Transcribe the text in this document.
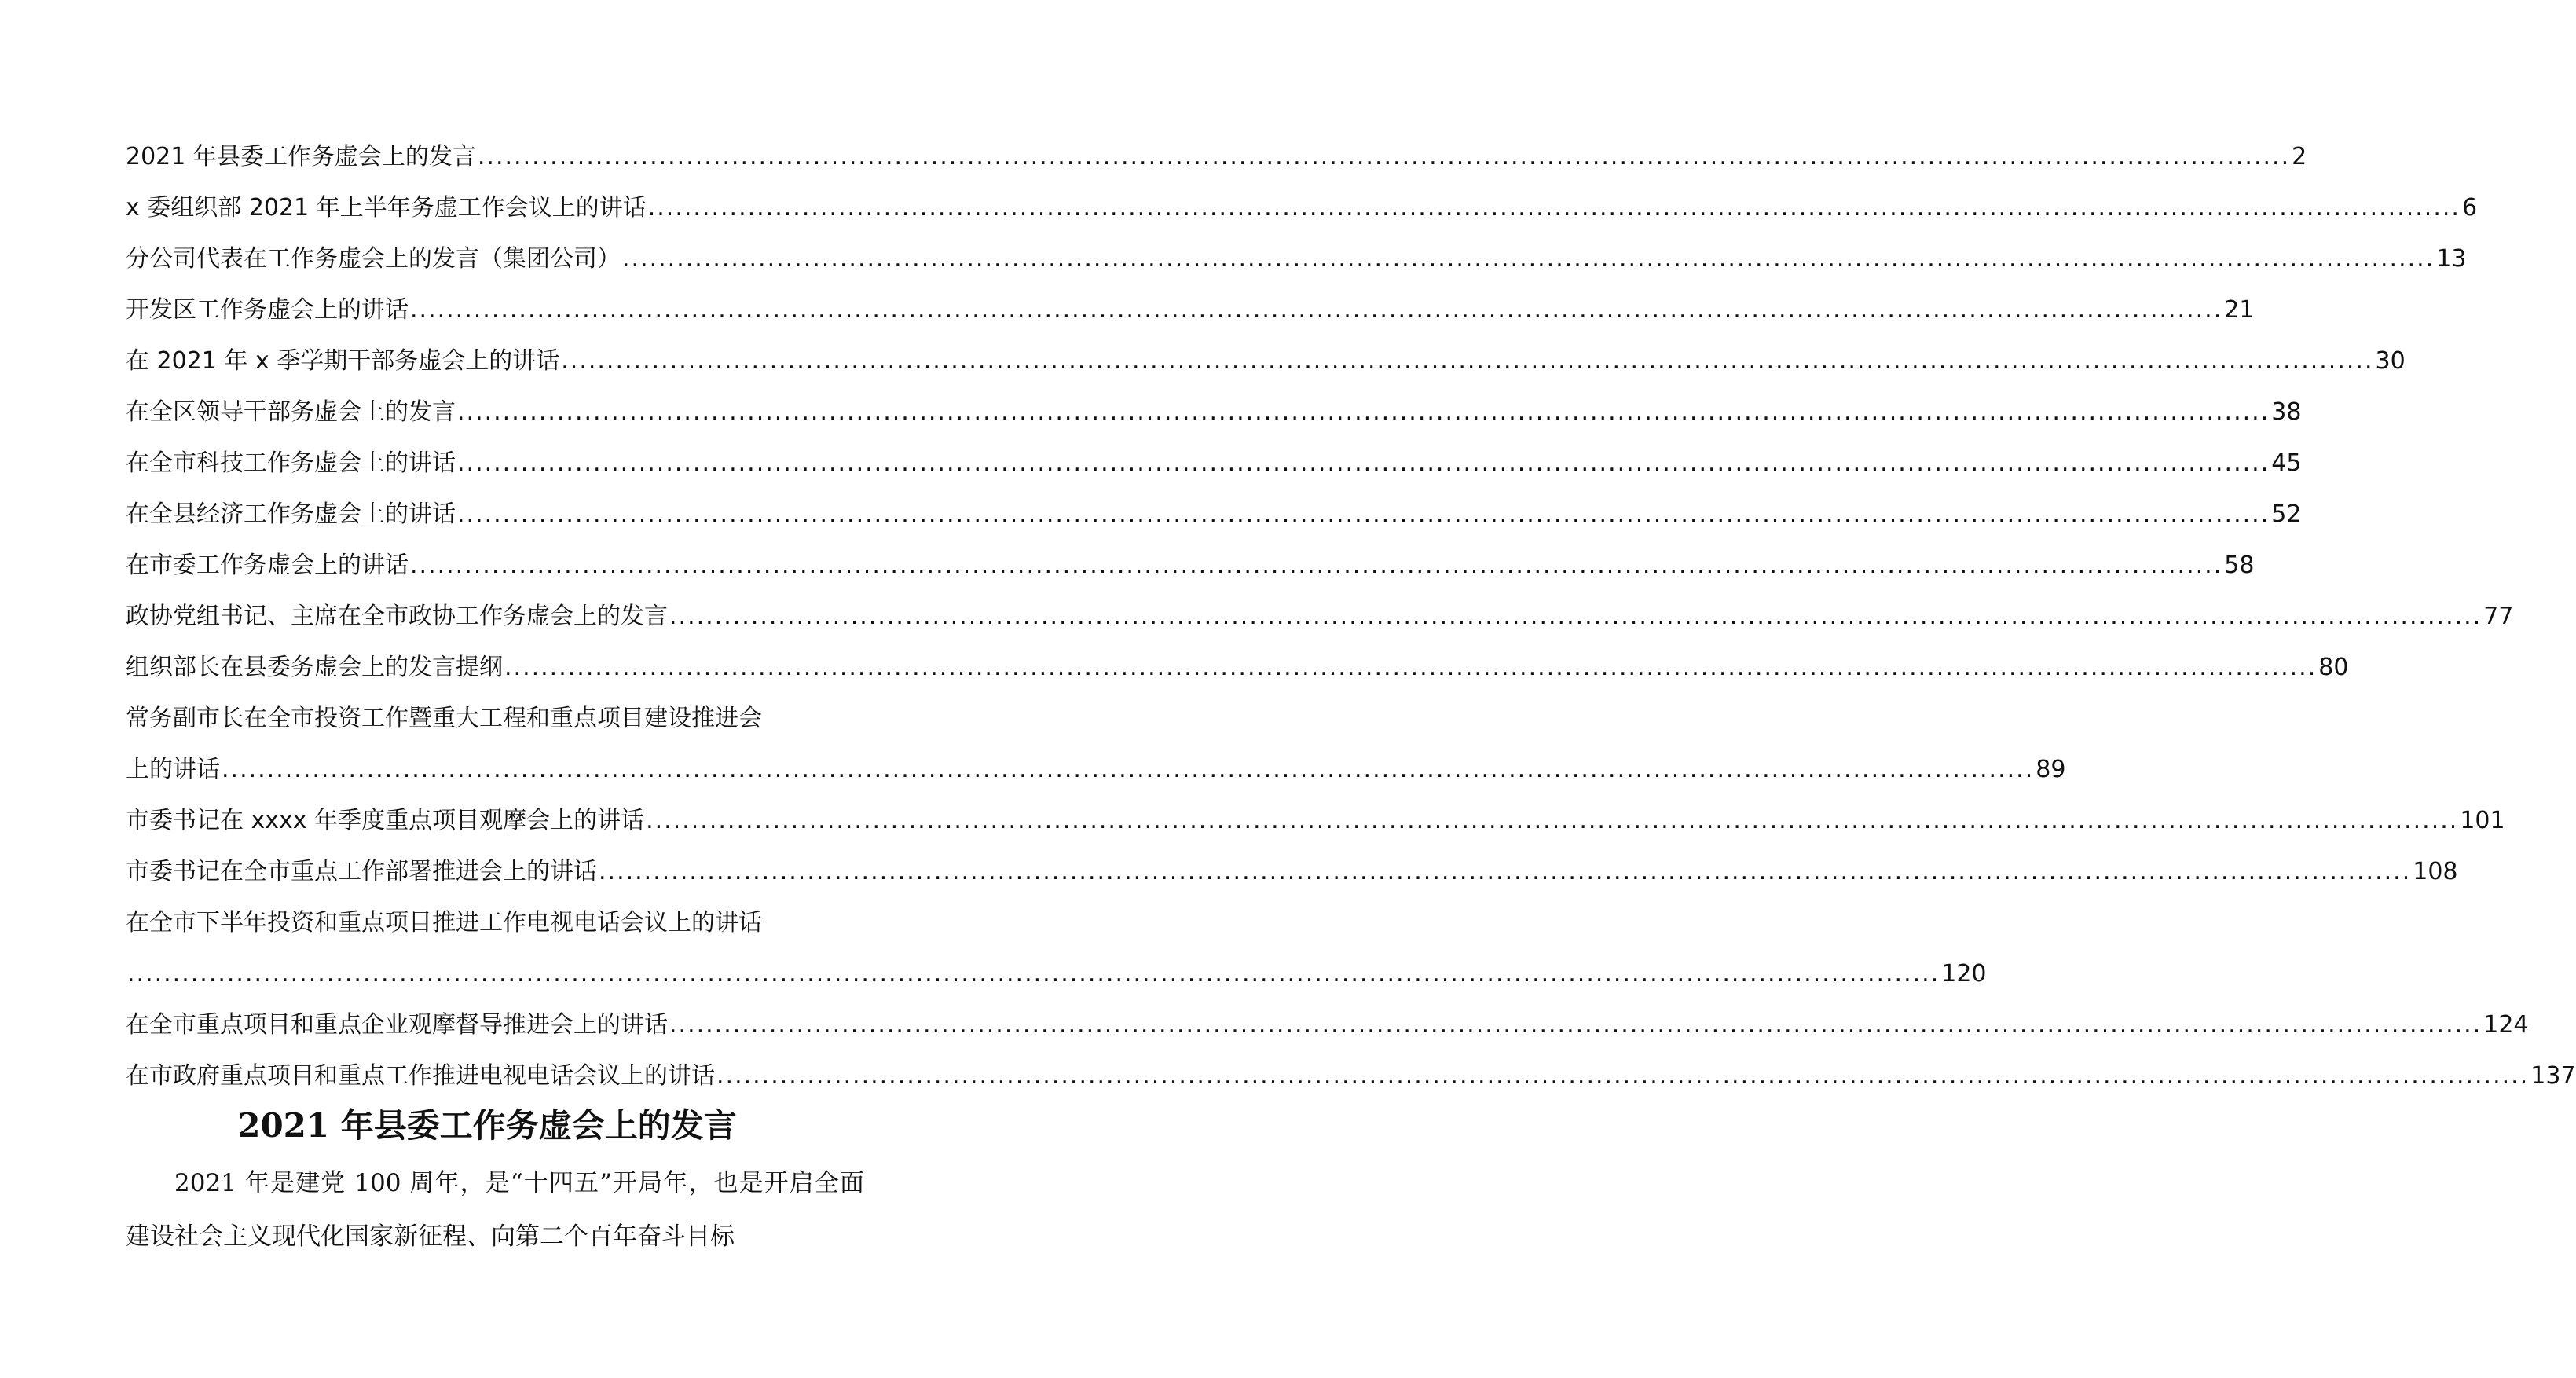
2021 年县委工作务虚会上的发言 ........................................................................................................................................................................................................ 2
x 委组织部 2021 年上半年务虚工作会议上的讲话 ........................................................................................................................................................................................................ 6
分公司代表在工作务虚会上的发言（集团公司） ........................................................................................................................................................................................................ 13
开发区工作务虚会上的讲话 ........................................................................................................................................................................................................ 21
在 2021 年 x 季学期干部务虚会上的讲话 ........................................................................................................................................................................................................ 30
在全区领导干部务虚会上的发言 ........................................................................................................................................................................................................ 38
在全市科技工作务虚会上的讲话 ........................................................................................................................................................................................................ 45
在全县经济工作务虚会上的讲话 ........................................................................................................................................................................................................ 52
在市委工作务虚会上的讲话 ........................................................................................................................................................................................................ 58
政协党组书记、主席在全市政协工作务虚会上的发言 ........................................................................................................................................................................................................ 77
组织部长在县委务虚会上的发言提纲 ........................................................................................................................................................................................................ 80
常务副市长在全市投资工作暨重大工程和重点项目建设推进会
上的讲话 ........................................................................................................................................................................................................ 89
市委书记在 xxxx 年季度重点项目观摩会上的讲话 ........................................................................................................................................................................................................ 101
市委书记在全市重点工作部署推进会上的讲话 ........................................................................................................................................................................................................ 108
在全市下半年投资和重点项目推进工作电视电话会议上的讲话
........................................................................................................................................................................................................ 120
在全市重点项目和重点企业观摩督导推进会上的讲话 ........................................................................................................................................................................................................ 124
在市政府重点项目和重点工作推进电视电话会议上的讲话 ........................................................................................................................................................................................................ 137
2021 年县委工作务虚会上的发言
2021 年是建党 100 周年，是“十四五”开局年，也是开启全面建设社会主义现代化国家新征程、向第二个百年奋斗目标
